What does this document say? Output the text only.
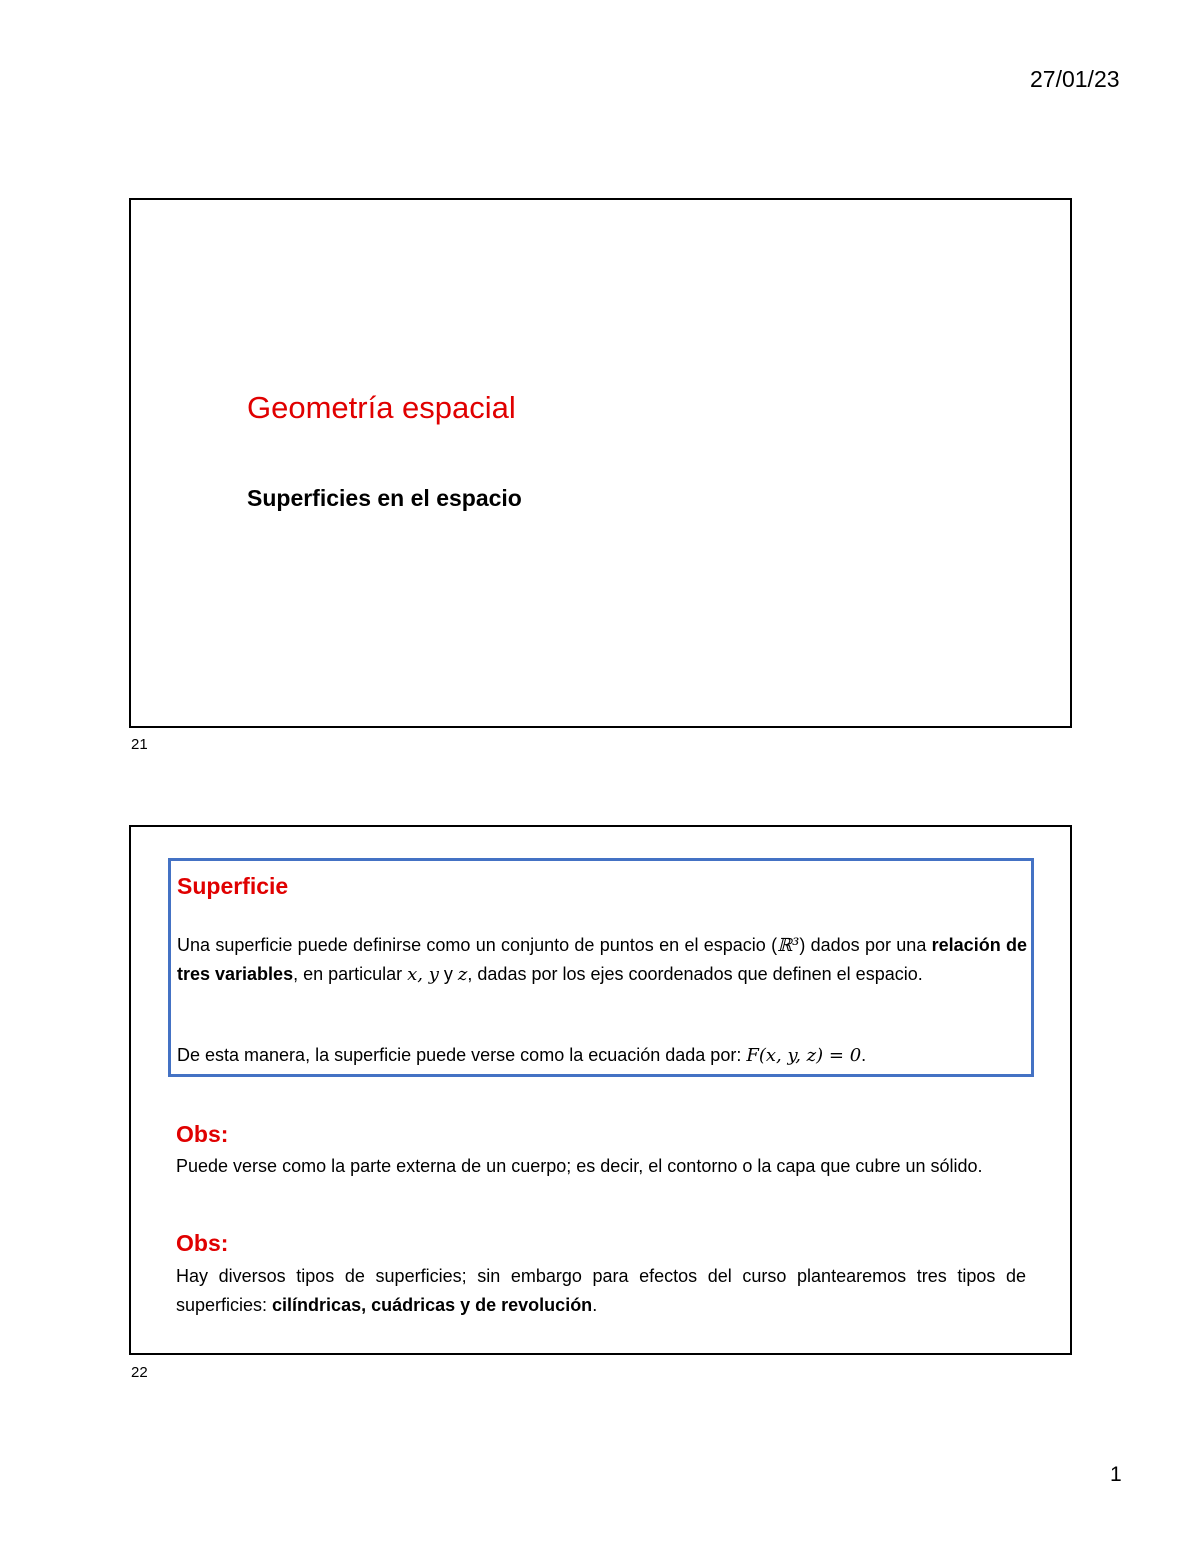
27/01/23
Geometría espacial
Superficies en el espacio
21
Superficie
Una superficie puede definirse como un conjunto de puntos en el espacio (ℝ³) dados por una relación de tres variables, en particular x, y y z, dadas por los ejes coordenados que definen el espacio.
De esta manera, la superficie puede verse como la ecuación dada por: F(x, y, z) = 0.
Obs:
Puede verse como la parte externa de un cuerpo; es decir, el contorno o la capa que cubre un sólido.
Obs:
Hay diversos tipos de superficies; sin embargo para efectos del curso plantearemos tres tipos de superficies: cilíndricas, cuádricas y de revolución.
22
1
